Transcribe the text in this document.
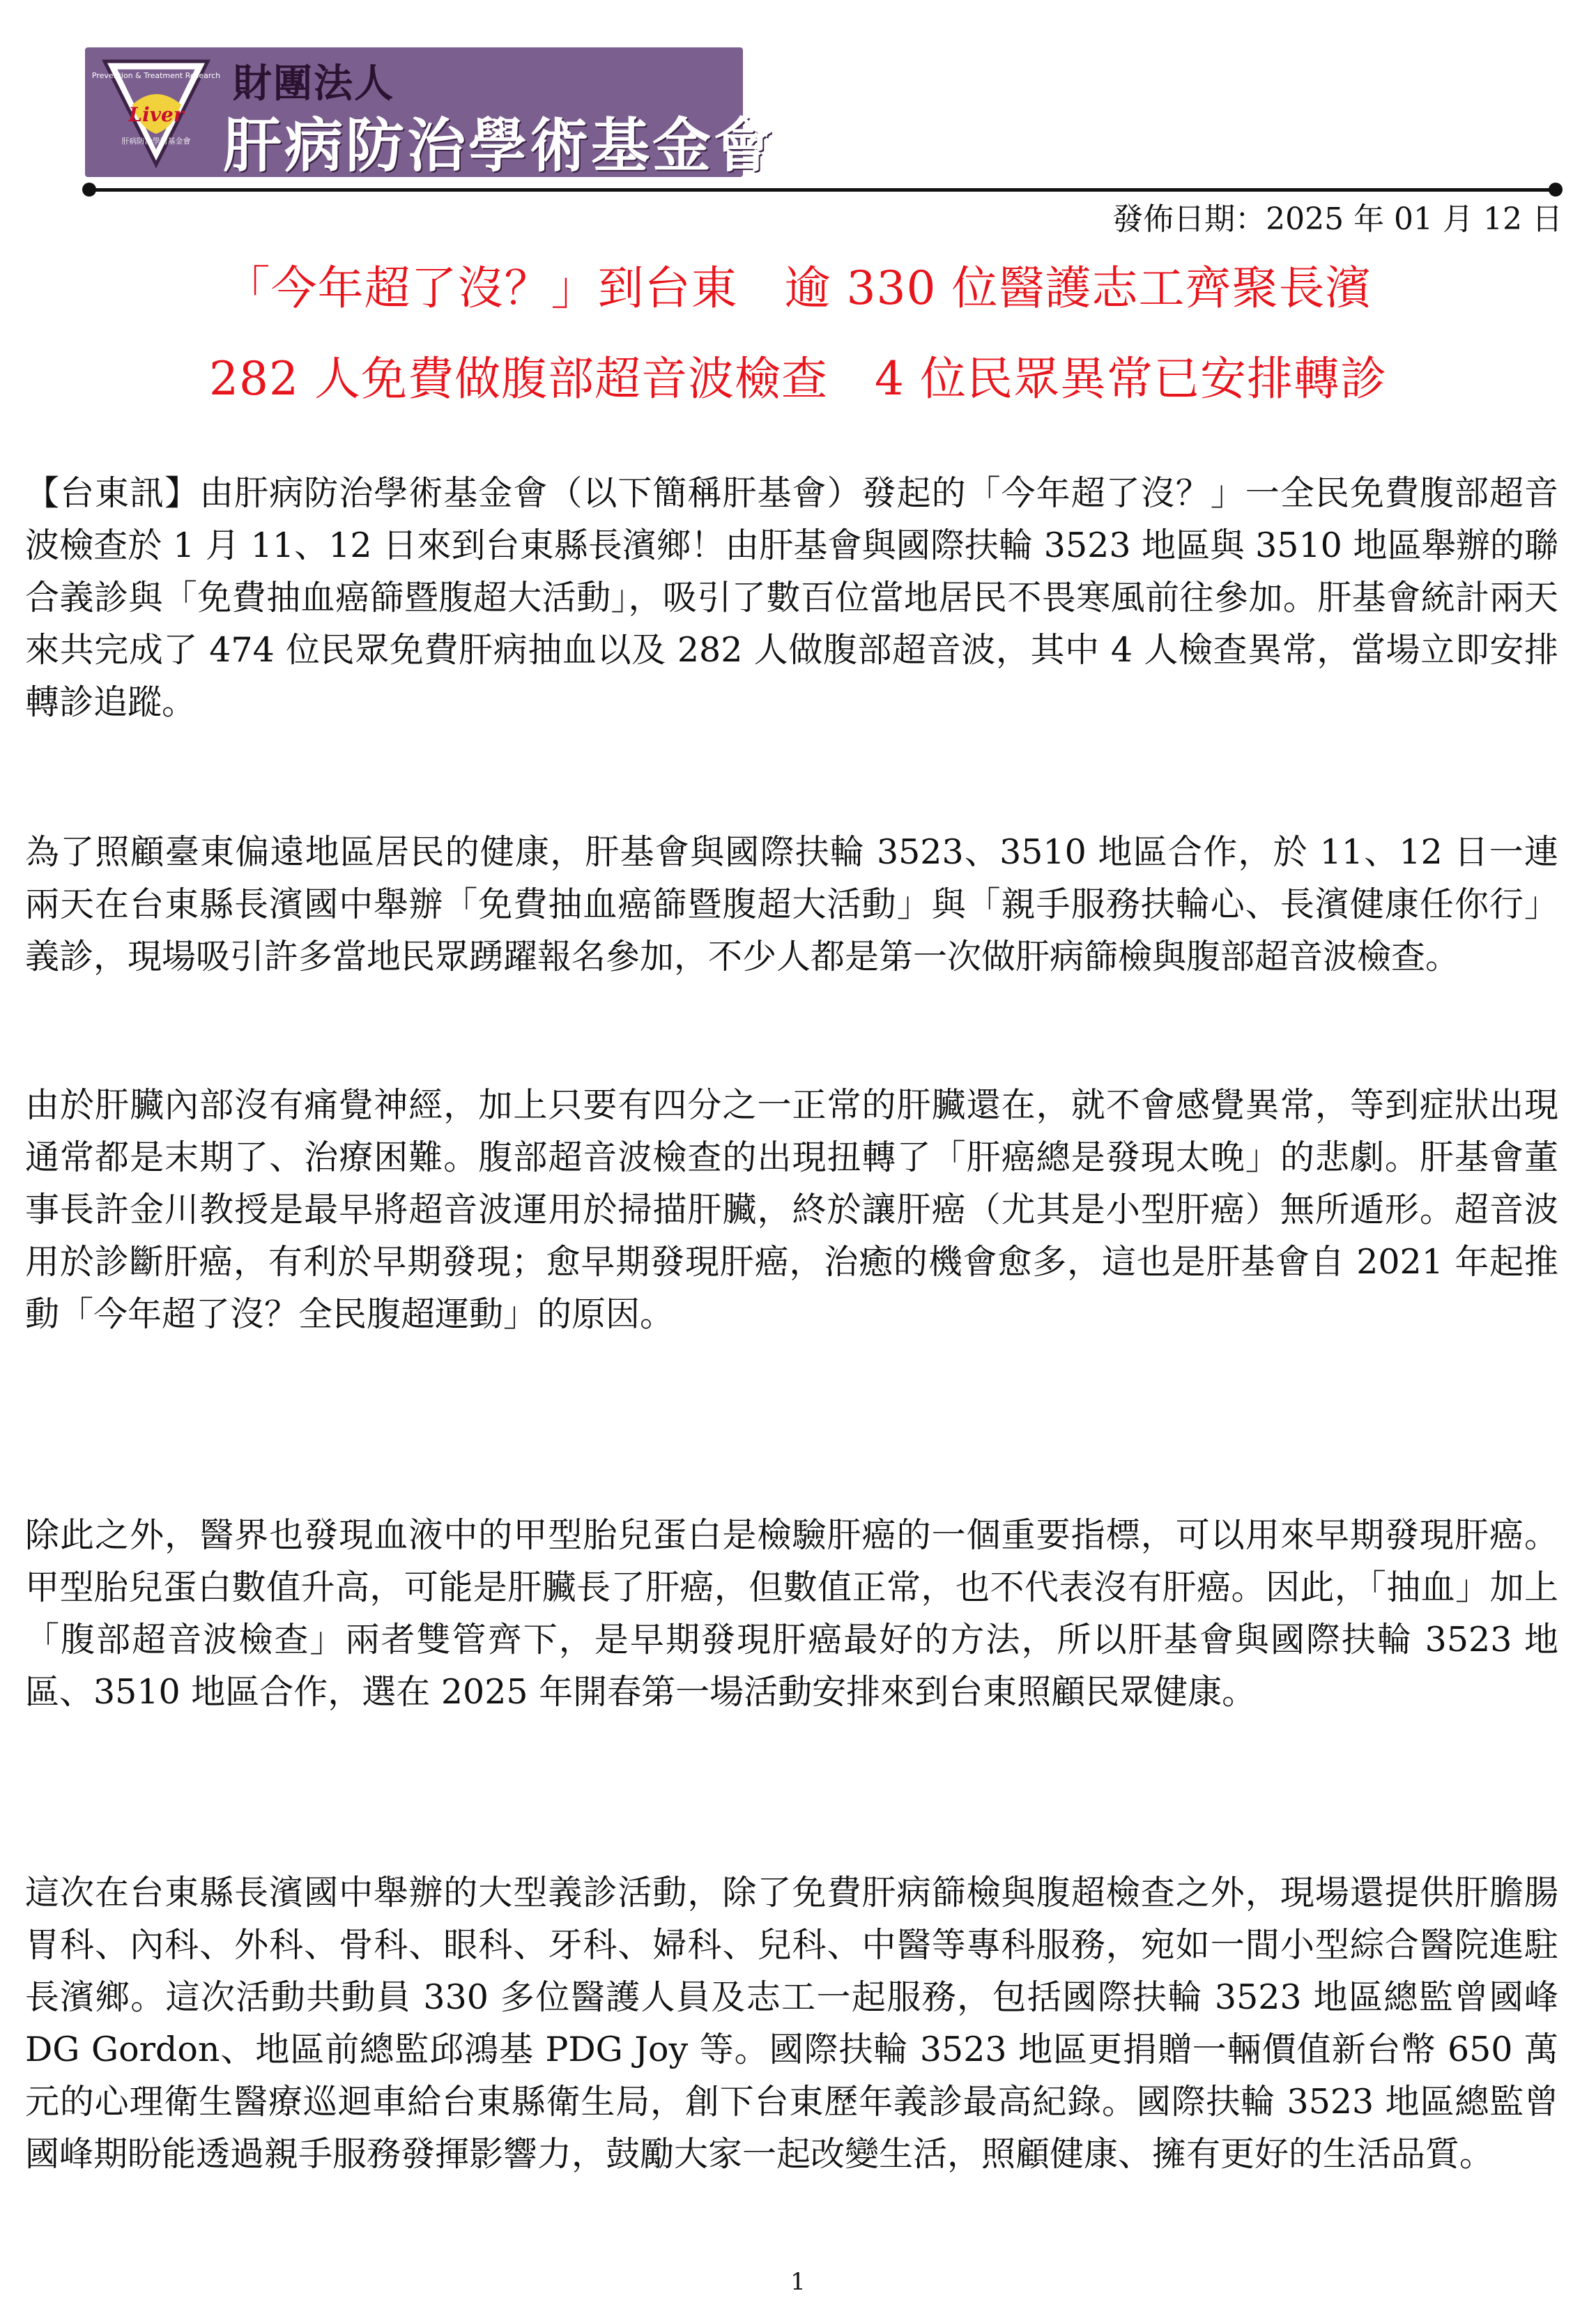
Prevention & Treatment Research
Liver
肝病防治學術基金會
財團法人
肝病防治學術基金會
發佈日期：2025 年 01 月 12 日
「今年超了沒？」到台東　逾 330 位醫護志工齊聚長濱
282 人免費做腹部超音波檢查　4 位民眾異常已安排轉診

【台東訊】由肝病防治學術基金會（以下簡稱肝基會）發起的「今年超了沒？」一全民免費腹部超音波檢查於 1 月 11、12 日來到台東縣長濱鄉！由肝基會與國際扶輪 3523 地區與 3510 地區舉辦的聯合義診與「免費抽血癌篩暨腹超大活動」，吸引了數百位當地居民不畏寒風前往參加。肝基會統計兩天來共完成了 474 位民眾免費肝病抽血以及 282 人做腹部超音波，其中 4 人檢查異常，當場立即安排轉診追蹤。

為了照顧臺東偏遠地區居民的健康，肝基會與國際扶輪 3523、3510 地區合作，於 11、12 日一連兩天在台東縣長濱國中舉辦「免費抽血癌篩暨腹超大活動」與「親手服務扶輪心、長濱健康任你行」義診，現場吸引許多當地民眾踴躍報名參加，不少人都是第一次做肝病篩檢與腹部超音波檢查。

由於肝臟內部沒有痛覺神經，加上只要有四分之一正常的肝臟還在，就不會感覺異常，等到症狀出現通常都是末期了、治療困難。腹部超音波檢查的出現扭轉了「肝癌總是發現太晚」的悲劇。肝基會董事長許金川教授是最早將超音波運用於掃描肝臟，終於讓肝癌（尤其是小型肝癌）無所遁形。超音波用於診斷肝癌，有利於早期發現；愈早期發現肝癌，治癒的機會愈多，這也是肝基會自 2021 年起推動「今年超了沒？全民腹超運動」的原因。

除此之外，醫界也發現血液中的甲型胎兒蛋白是檢驗肝癌的一個重要指標，可以用來早期發現肝癌。甲型胎兒蛋白數值升高，可能是肝臟長了肝癌，但數值正常，也不代表沒有肝癌。因此，「抽血」加上「腹部超音波檢查」兩者雙管齊下，是早期發現肝癌最好的方法，所以肝基會與國際扶輪 3523 地區、3510 地區合作，選在 2025 年開春第一場活動安排來到台東照顧民眾健康。

這次在台東縣長濱國中舉辦的大型義診活動，除了免費肝病篩檢與腹超檢查之外，現場還提供肝膽腸胃科、內科、外科、骨科、眼科、牙科、婦科、兒科、中醫等專科服務，宛如一間小型綜合醫院進駐長濱鄉。這次活動共動員 330 多位醫護人員及志工一起服務，包括國際扶輪 3523 地區總監曾國峰 DG Gordon、地區前總監邱鴻基 PDG Joy 等。國際扶輪 3523 地區更捐贈一輛價值新台幣 650 萬元的心理衛生醫療巡迴車給台東縣衛生局，創下台東歷年義診最高紀錄。國際扶輪 3523 地區總監曾國峰期盼能透過親手服務發揮影響力，鼓勵大家一起改變生活，照顧健康、擁有更好的生活品質。

1
